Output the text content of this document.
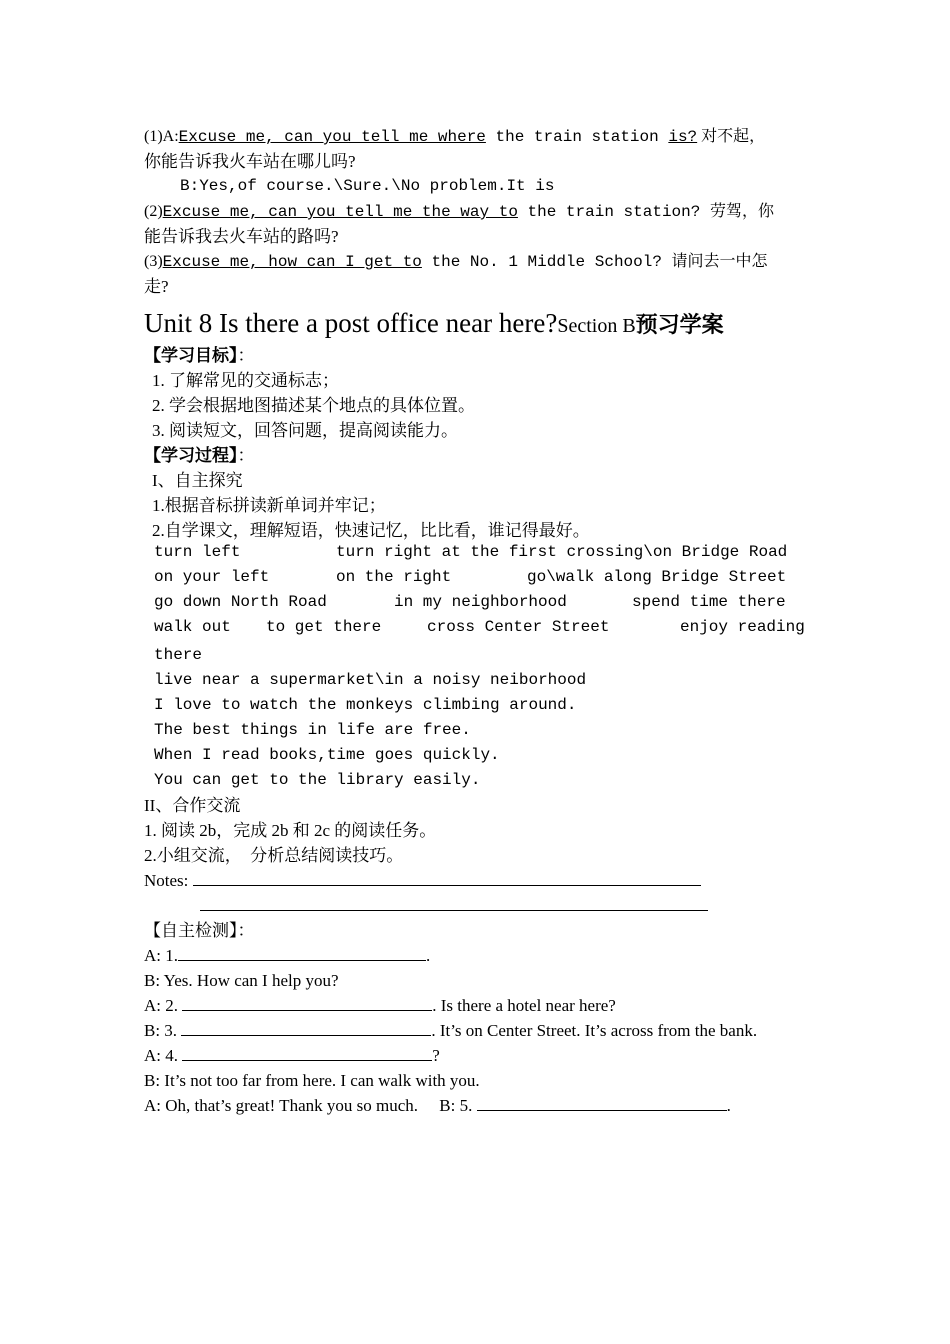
(1)A:Excuse me, can you tell me where the train station is? 对不起，
你能告诉我火车站在哪儿吗?
B:Yes,of course.\Sure.\No problem.It is
(2)Excuse me, can you tell me the way to the train station? 劳驾，你
能告诉我去火车站的路吗?
(3)Excuse me, how can I get to the No. 1 Middle School? 请问去一中怎
走?
Unit 8 Is there a post office near here?Section B预习学案
【学习目标】：
1. 了解常见的交通标志；
2. 学会根据地图描述某个地点的具体位置。
3. 阅读短文，回答问题，提高阅读能力。
【学习过程】：
I、自主探究
1.根据音标拼读新单词并牢记；
2.自学课文，理解短语，快速记忆，比比看，谁记得最好。
turn left	turn right at the first crossing\on Bridge Road
on your left	on the right	go\walk along Bridge Street
go down North Road	in my neighborhood	spend time there
walk out to get there	cross Center Street	enjoy reading
there
live near a supermarket\in a noisy neiborhood
I love to watch the monkeys climbing around.
The best things in life are free.
When I read books,time goes quickly.
You can get to the library easily.
II、合作交流
1. 阅读 2b，完成 2b 和 2c 的阅读任务。
2.小组交流，  分析总结阅读技巧。
Notes:
【自主检测】：
A: 1.	.
B: Yes. How can I help you?
A: 2.	. Is there a hotel near here?
B: 3.	. It’s on Center Street. It’s across from the bank.
A: 4.	?
B: It’s not too far from here. I can walk with you.
A: Oh, that’s great! Thank you so much.     B: 5.	.
